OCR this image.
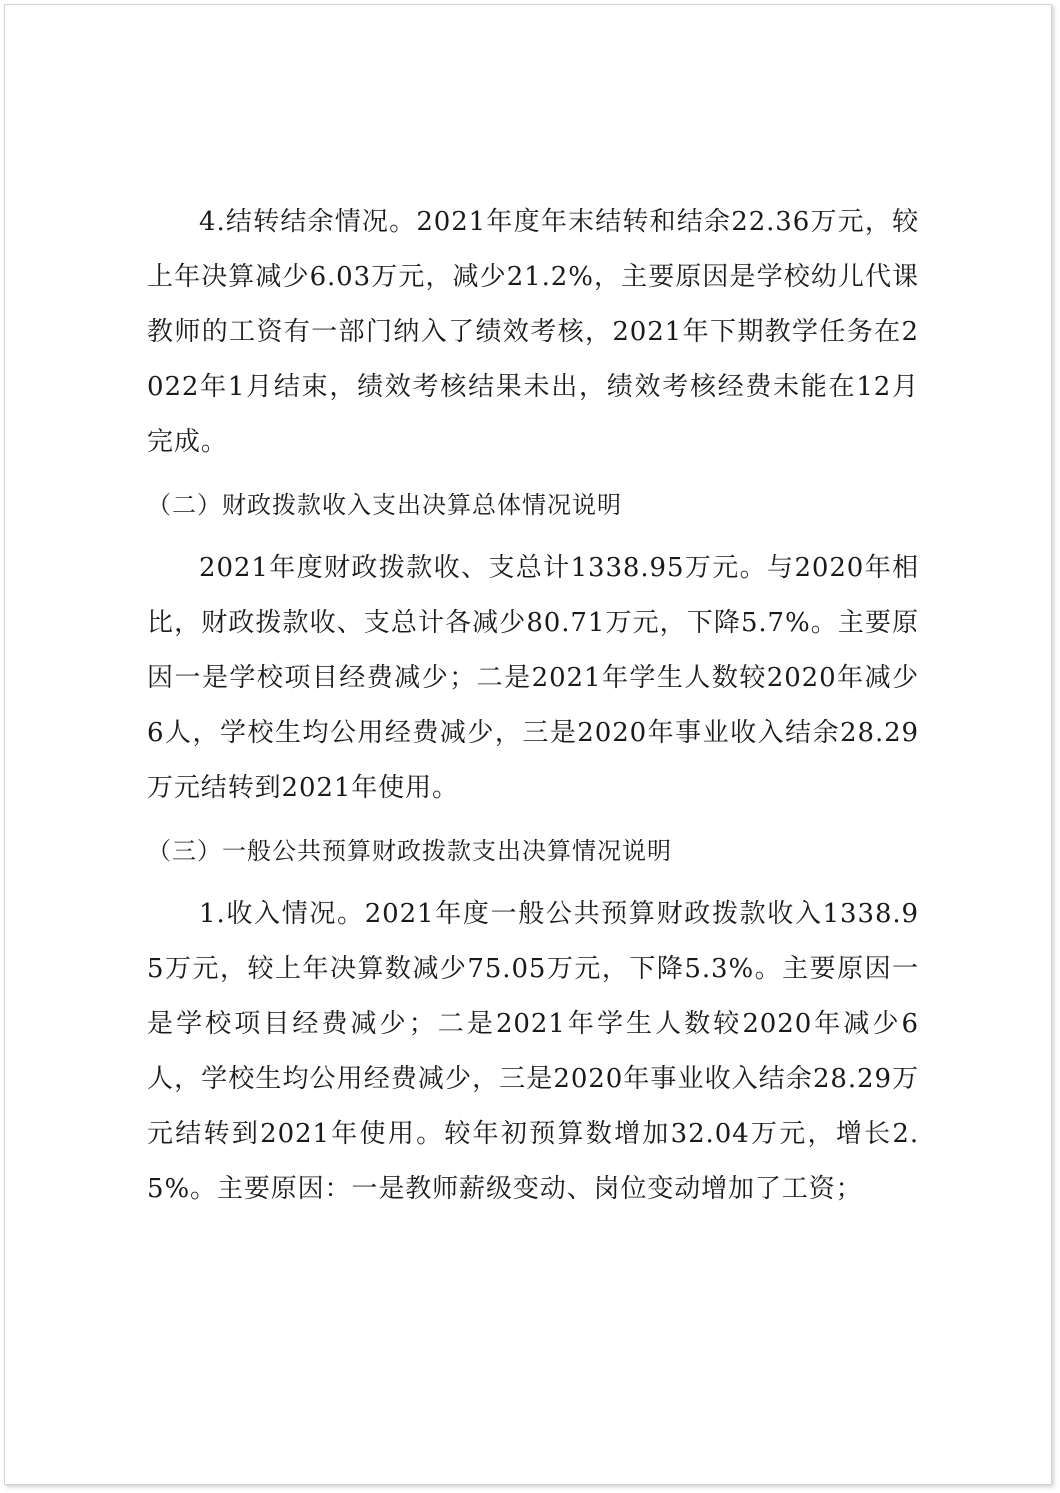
4.结转结余情况。2021年度年末结转和结余22.36万元，较上年决算减少6.03万元，减少21.2%，主要原因是学校幼儿代课教师的工资有一部门纳入了绩效考核，2021年下期教学任务在2022年1月结束，绩效考核结果未出，绩效考核经费未能在12月完成。

（二）财政拨款收入支出决算总体情况说明

2021年度财政拨款收、支总计1338.95万元。与2020年相比，财政拨款收、支总计各减少80.71万元，下降5.7%。主要原因一是学校项目经费减少；二是2021年学生人数较2020年减少6人，学校生均公用经费减少，三是2020年事业收入结余28.29万元结转到2021年使用。

（三）一般公共预算财政拨款支出决算情况说明

1.收入情况。2021年度一般公共预算财政拨款收入1338.95万元，较上年决算数减少75.05万元，下降5.3%。主要原因一是学校项目经费减少；二是2021年学生人数较2020年减少6人，学校生均公用经费减少，三是2020年事业收入结余28.29万元结转到2021年使用。较年初预算数增加32.04万元，增长2.5%。主要原因：一是教师薪级变动、岗位变动增加了工资；
